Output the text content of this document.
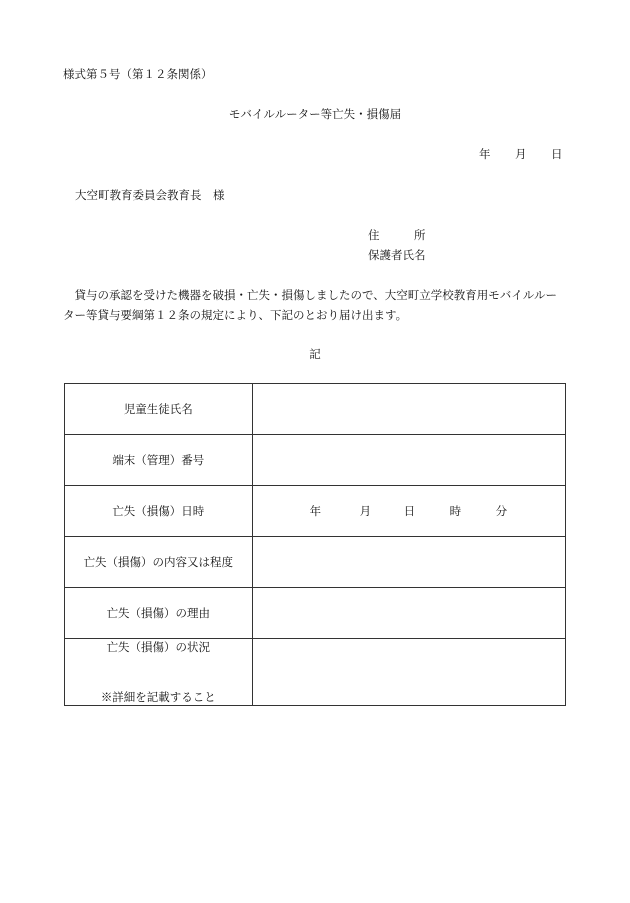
様式第５号（第１２条関係）
モバイルルーター等亡失・損傷届
年 月 日
大空町教育委員会教育長　様
住　　　所
保護者氏名
貸与の承認を受けた機器を破損・亡失・損傷しましたので、大空町立学校教育用モバイルルーター等貸与要綱第１２条の規定により、下記のとおり届け出ます。
記
児童生徒氏名	
端末（管理）番号	
亡失（損傷）日時	年 月 日 時 分

亡失（損傷）の内容又は程度	
亡失（損傷）の理由	

亡失（損傷）の状況
※詳細を記載すること	
